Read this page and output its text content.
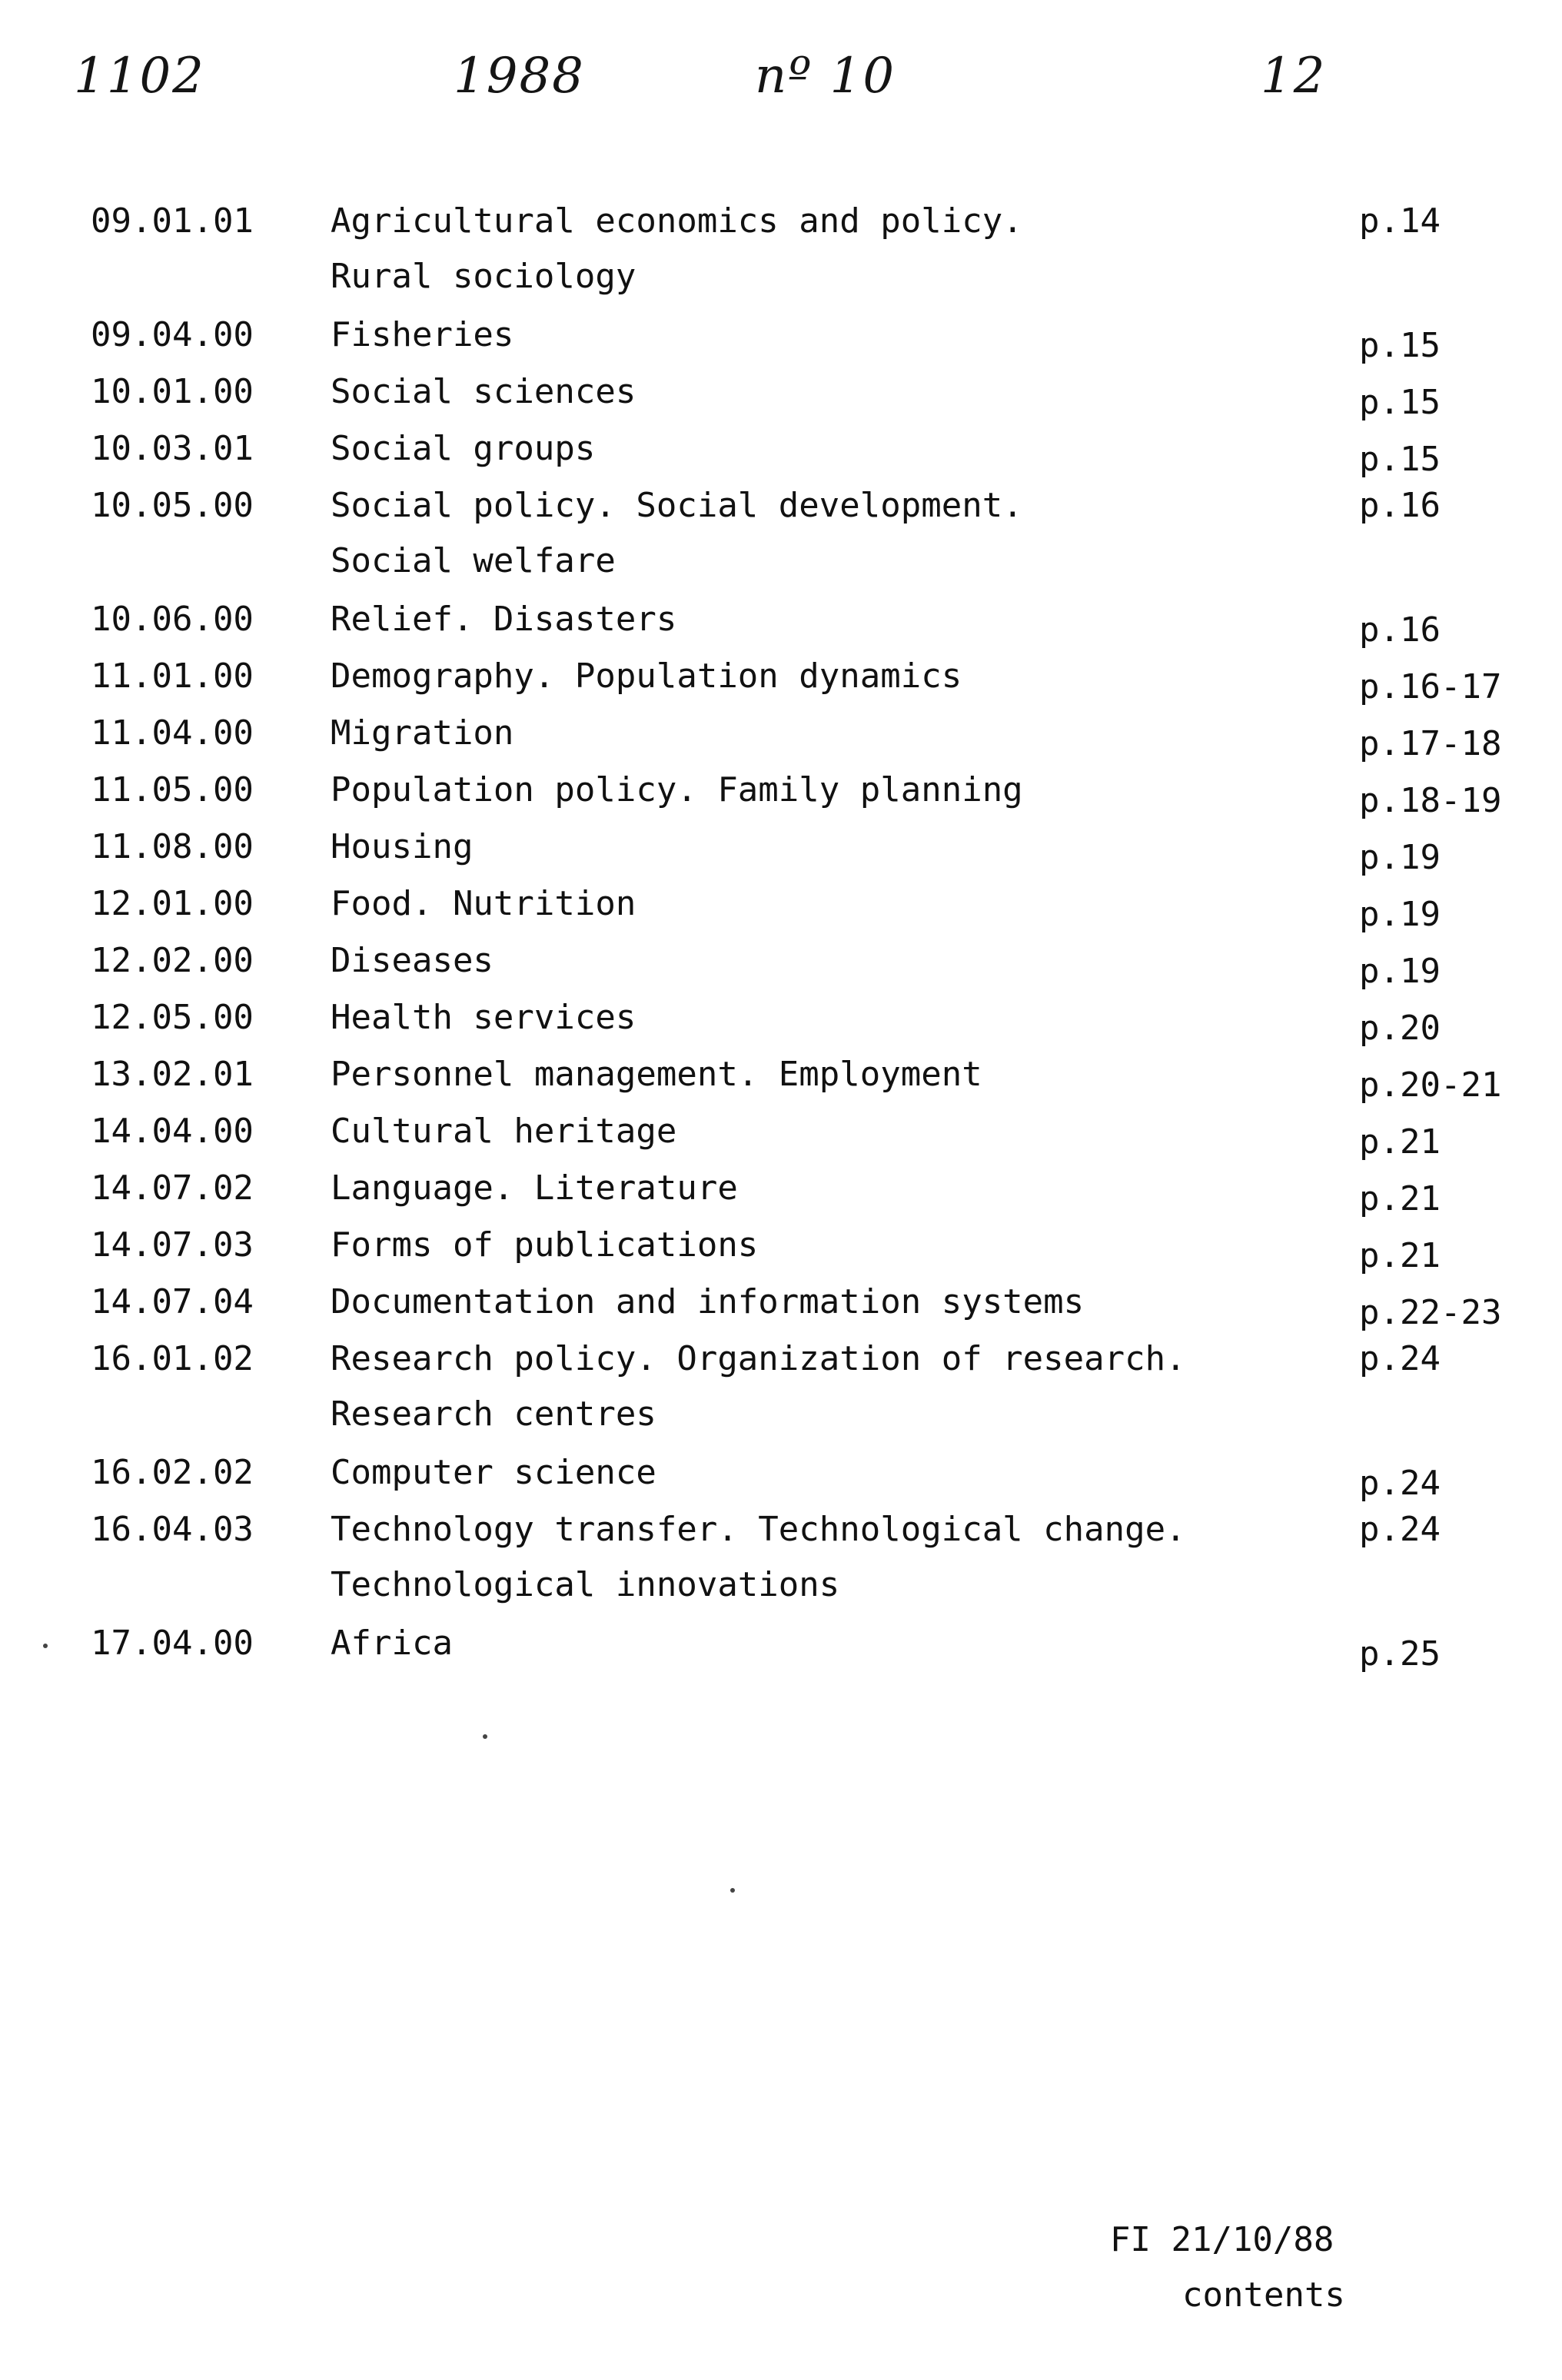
1102	1988	nº 10	12
09.01.01	Agricultural economics and policy.
Rural sociology
p.14
09.04.00	Fisheries	p.15
10.01.00	Social sciences	p.15
10.03.01	Social groups	p.15
10.05.00	Social policy. Social development.
Social welfare
p.16
10.06.00	Relief. Disasters	p.16
11.01.00	Demography. Population dynamics	p.16-17
11.04.00	Migration	p.17-18
11.05.00	Population policy. Family planning	p.18-19
11.08.00	Housing	p.19
12.01.00	Food. Nutrition	p.19
12.02.00	Diseases	p.19
12.05.00	Health services	p.20
13.02.01	Personnel management. Employment	p.20-21
14.04.00	Cultural heritage	p.21
14.07.02	Language. Literature	p.21
14.07.03	Forms of publications	p.21
14.07.04	Documentation and information systems	p.22-23
16.01.02	Research policy. Organization of research.
Research centres
p.24
16.02.02	Computer science	p.24
16.04.03	Technology transfer. Technological change.
Technological innovations
p.24
17.04.00	Africa	p.25
FI 21/10/88
contents
